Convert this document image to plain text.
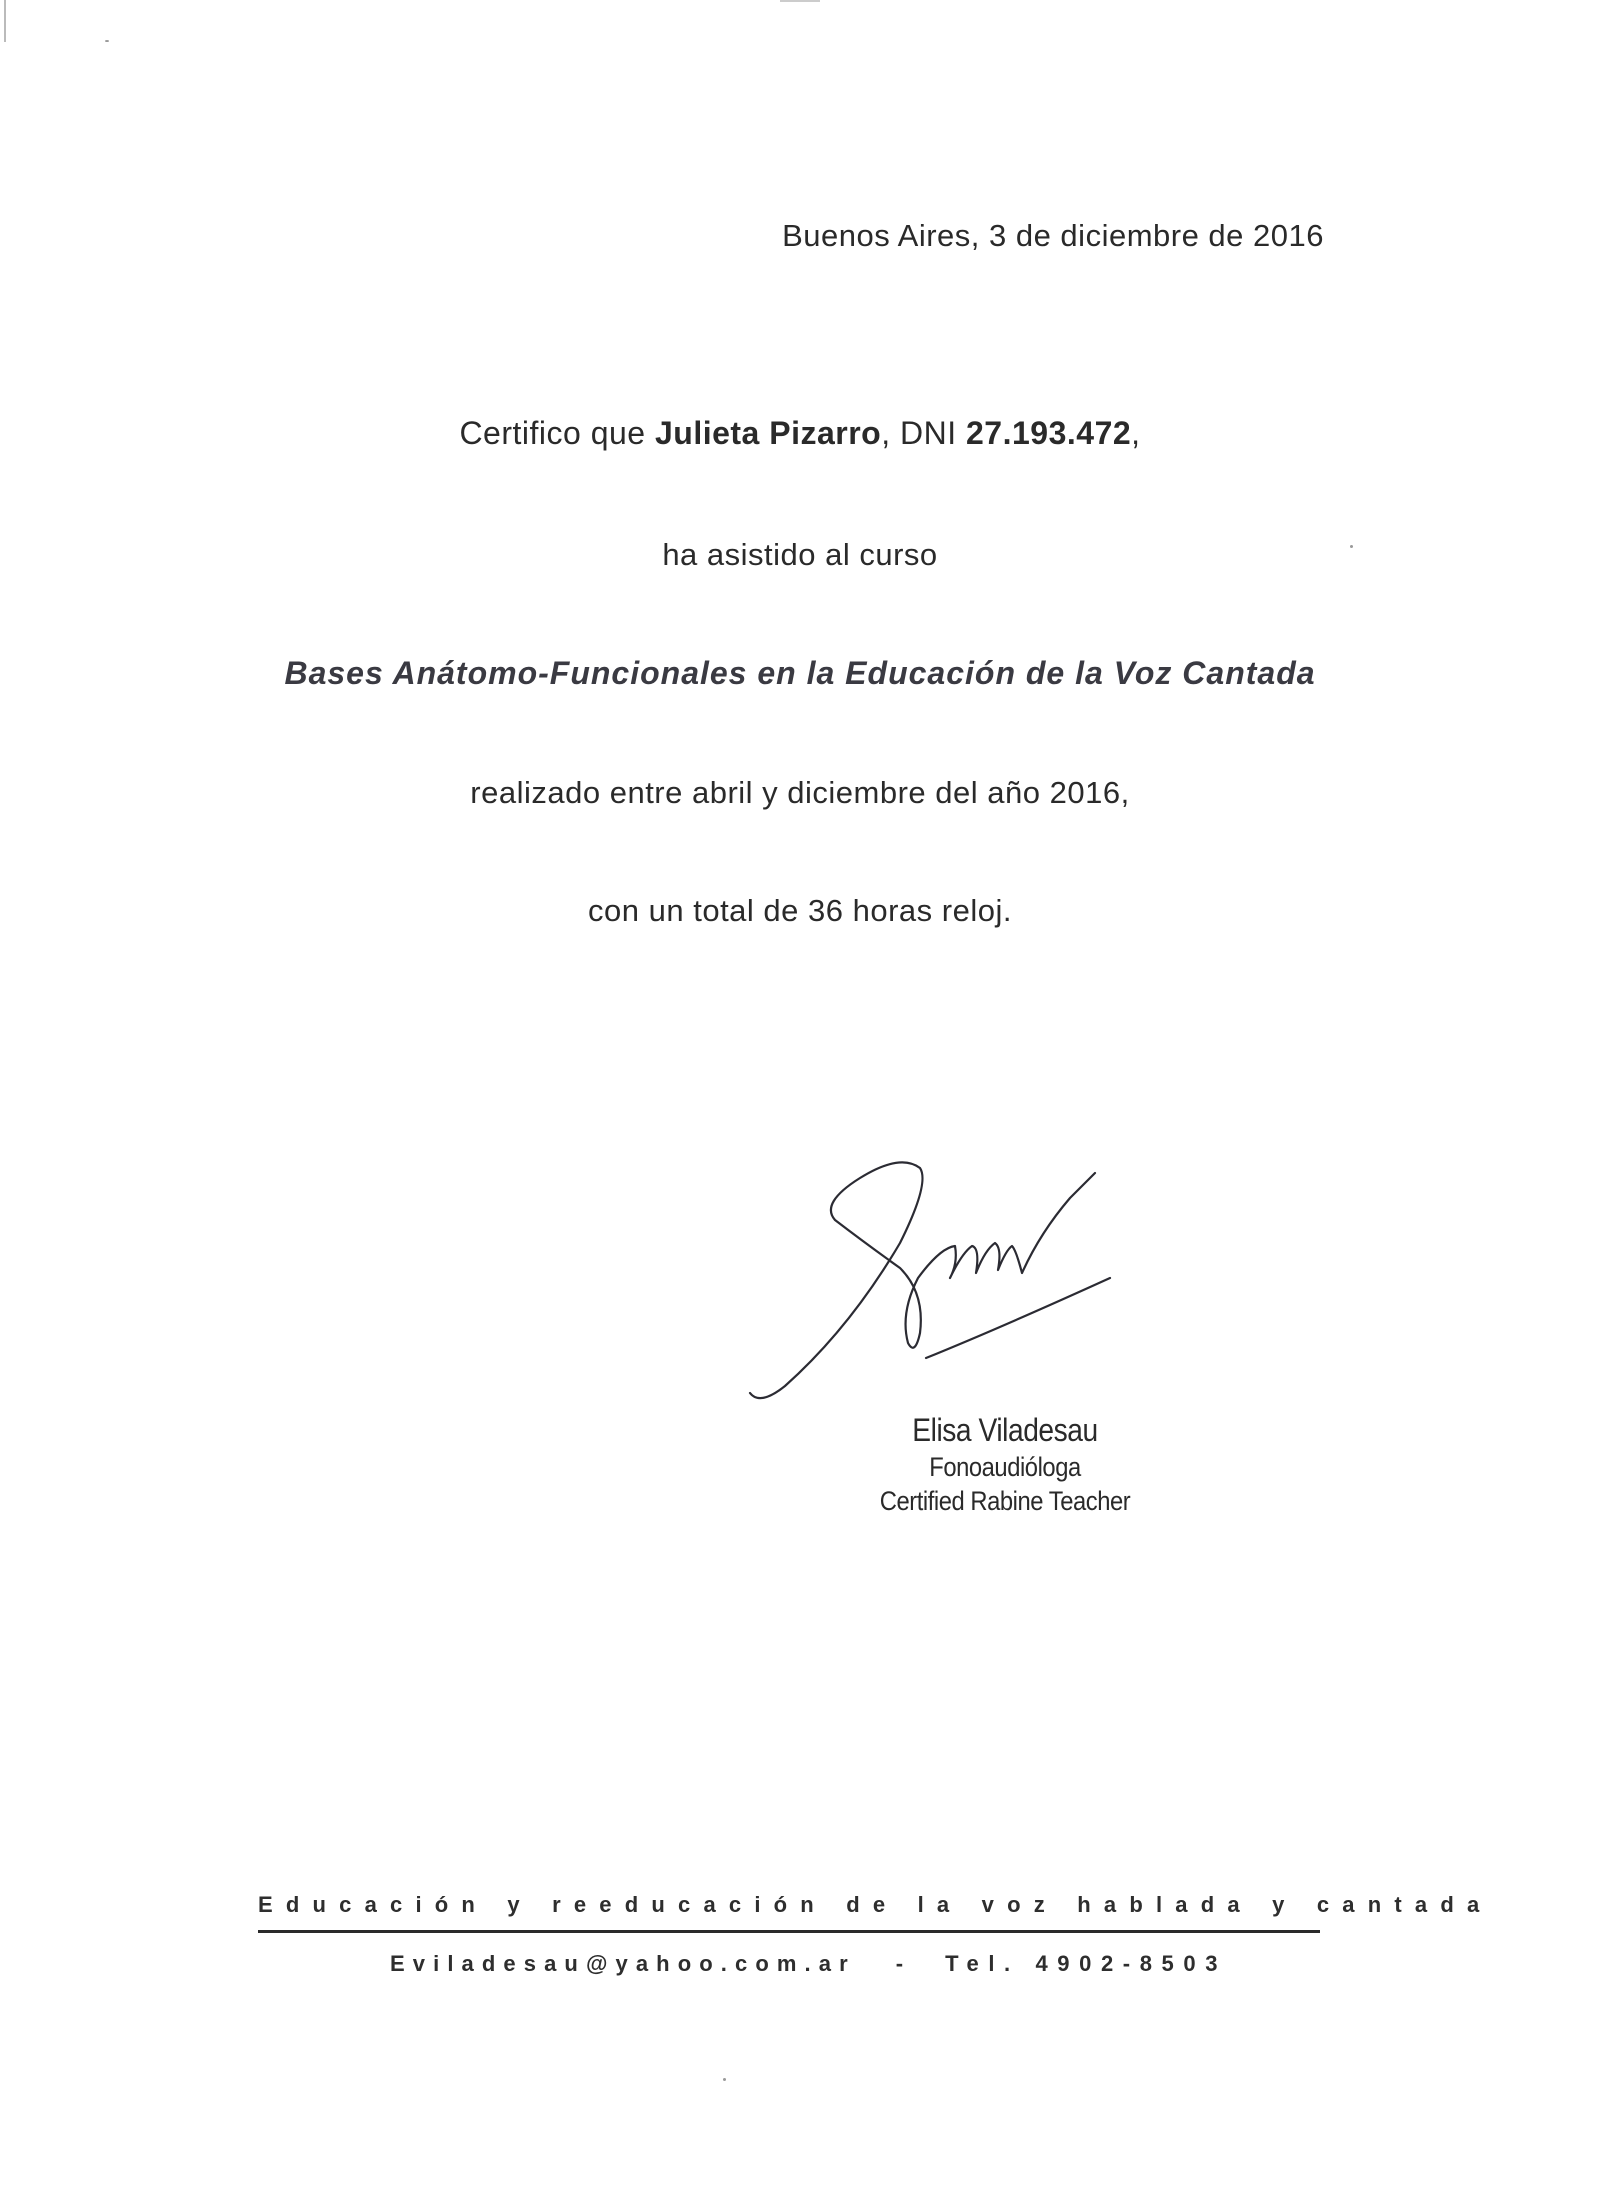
Buenos Aires, 3 de diciembre de 2016
Certifico que Julieta Pizarro, DNI 27.193.472,
ha asistido al curso
Bases Anátomo-Funcionales en la Educación de la Voz Cantada
realizado entre abril y diciembre del año 2016,
con un total de 36 horas reloj.
Elisa Viladesau
Fonoaudióloga
Certified Rabine Teacher
Educación y reeducación de la voz hablada y cantada
Eviladesau@yahoo.com.ar - Tel. 4902-8503
